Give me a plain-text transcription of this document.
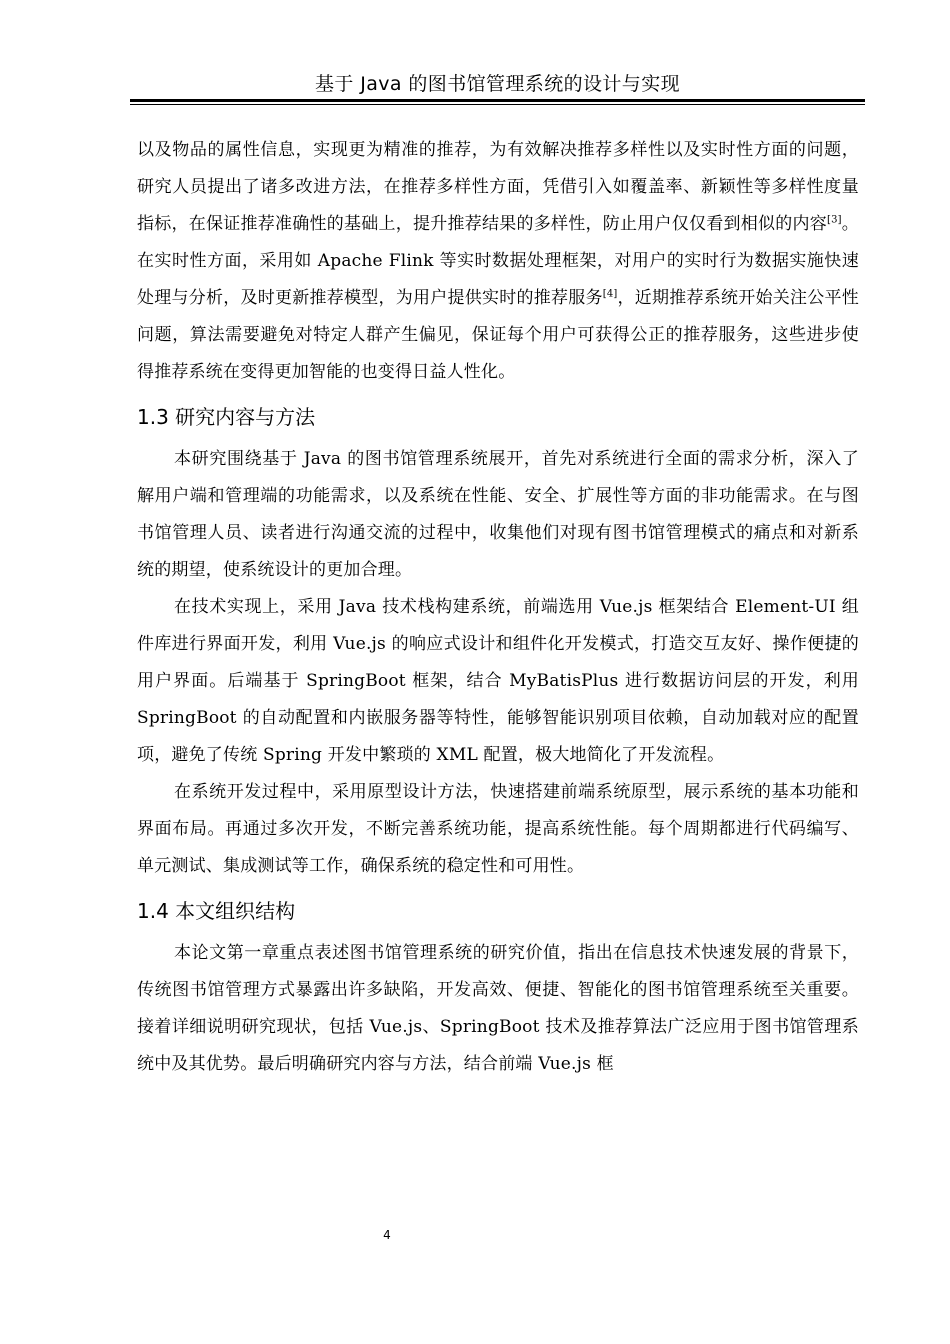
基于 Java 的图书馆管理系统的设计与实现

以及物品的属性信息，实现更为精准的推荐，为有效解决推荐多样性以及实时性方面的问题，研究人员提出了诸多改进方法，在推荐多样性方面，凭借引入如覆盖率、新颖性等多样性度量指标，在保证推荐准确性的基础上，提升推荐结果的多样性，防止用户仅仅看到相似的内容[3]。在实时性方面，采用如 Apache Flink 等实时数据处理框架，对用户的实时行为数据实施快速处理与分析，及时更新推荐模型，为用户提供实时的推荐服务[4]，近期推荐系统开始关注公平性问题，算法需要避免对特定人群产生偏见，保证每个用户可获得公正的推荐服务，这些进步使得推荐系统在变得更加智能的也变得日益人性化。

1.3 研究内容与方法

本研究围绕基于 Java 的图书馆管理系统展开，首先对系统进行全面的需求分析，深入了解用户端和管理端的功能需求，以及系统在性能、安全、扩展性等方面的非功能需求。在与图书馆管理人员、读者进行沟通交流的过程中，收集他们对现有图书馆管理模式的痛点和对新系统的期望，使系统设计的更加合理。

在技术实现上，采用 Java 技术栈构建系统，前端选用 Vue.js 框架结合 Element-UI 组件库进行界面开发，利用 Vue.js 的响应式设计和组件化开发模式，打造交互友好、操作便捷的用户界面。后端基于 SpringBoot 框架，结合 MyBatisPlus 进行数据访问层的开发，利用 SpringBoot 的自动配置和内嵌服务器等特性，能够智能识别项目依赖，自动加载对应的配置项，避免了传统 Spring 开发中繁琐的 XML 配置，极大地简化了开发流程。

在系统开发过程中，采用原型设计方法，快速搭建前端系统原型，展示系统的基本功能和界面布局。再通过多次开发，不断完善系统功能，提高系统性能。每个周期都进行代码编写、单元测试、集成测试等工作，确保系统的稳定性和可用性。

1.4 本文组织结构

本论文第一章重点表述图书馆管理系统的研究价值，指出在信息技术快速发展的背景下，传统图书馆管理方式暴露出许多缺陷，开发高效、便捷、智能化的图书馆管理系统至关重要。接着详细说明研究现状，包括 Vue.js、SpringBoot 技术及推荐算法广泛应用于图书馆管理系统中及其优势。最后明确研究内容与方法，结合前端 Vue.js 框

4
